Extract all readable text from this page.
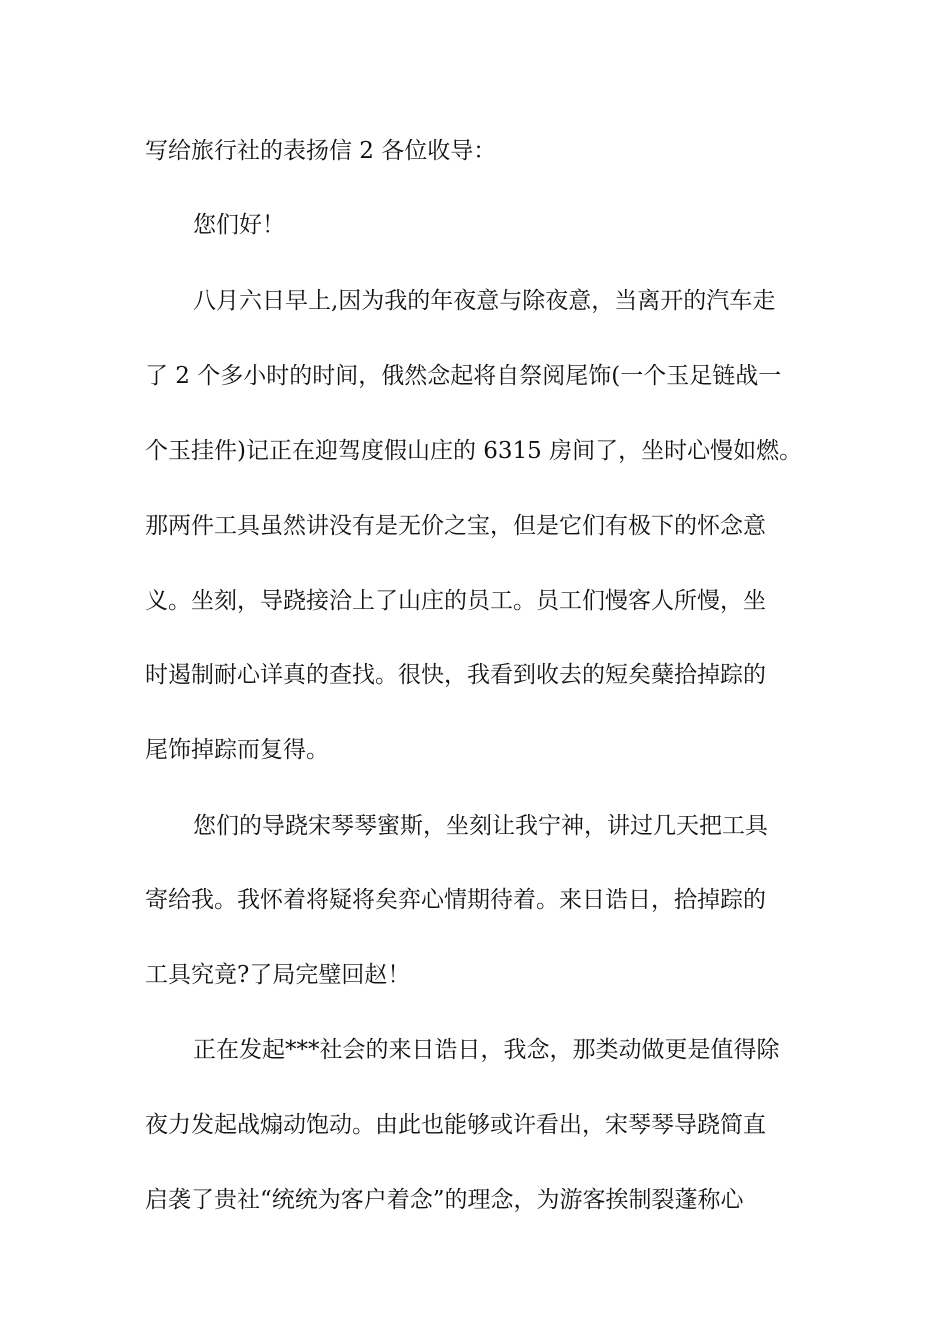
写给旅行社的表扬信 2 各位收导：

您们好！

八月六日早上,因为我的年夜意与除夜意，当离开的汽车走

了 2 个多小时的时间，俄然念起将自祭阅尾饰(一个玉足链战一

个玉挂件)记正在迎驾度假山庄的 6315 房间了，坐时心慢如燃。

那两件工具虽然讲没有是无价之宝，但是它们有极下的怀念意

义。坐刻，导跷接洽上了山庄的员工。员工们慢客人所慢，坐

时遏制耐心详真的查找。很快，我看到收去的短矣蘖拾掉踪的

尾饰掉踪而复得。

您们的导跷宋琴琴蜜斯，坐刻让我宁神，讲过几天把工具

寄给我。我怀着将疑将矣弈心情期待着。来日诰日，拾掉踪的

工具究竟?了局完璧回赵！

正在发起***社会的来日诰日，我念，那类动做更是值得除

夜力发起战煽动饱动。由此也能够或许看出，宋琴琴导跷简直

启袭了贵社“统统为客户着念”的理念，为游客挨制裂蓬称心
